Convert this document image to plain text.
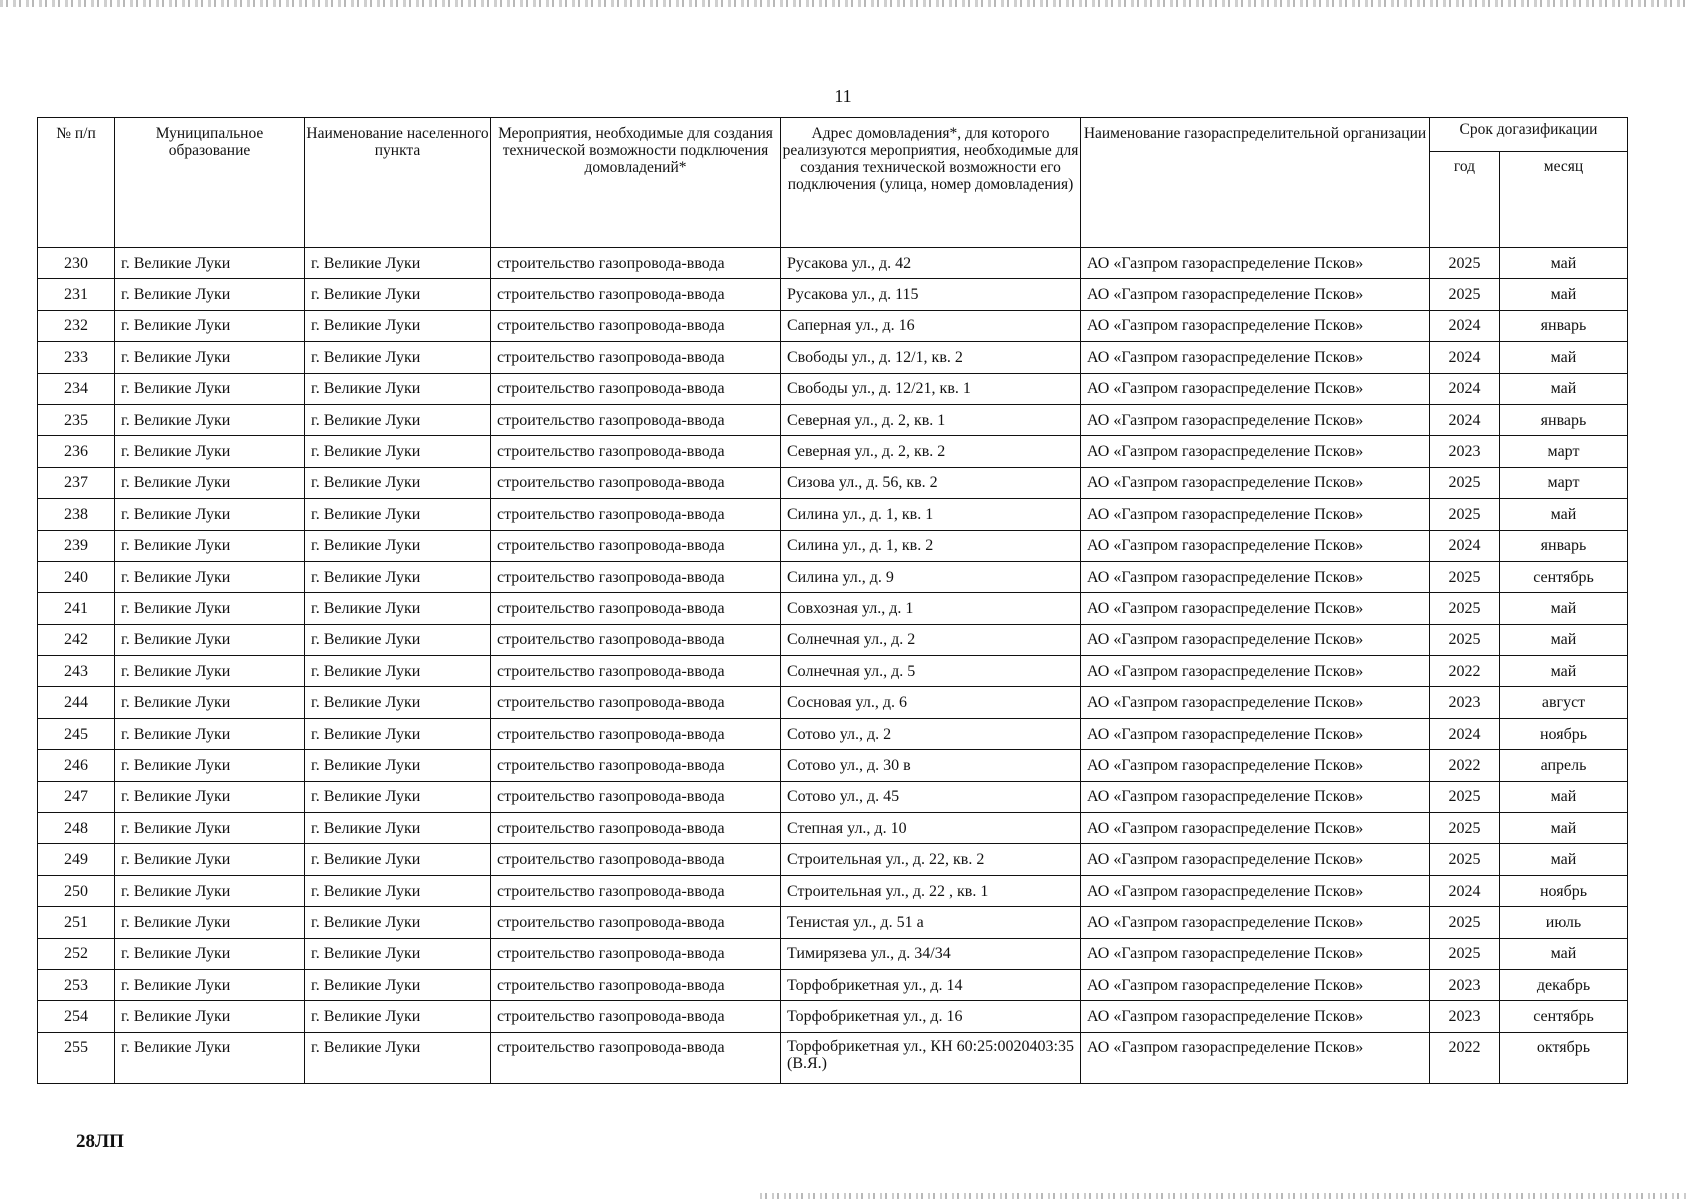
11
№ п/п	Муниципальное образование	Наименование населенного пункта	Мероприятия, необходимые для создания технической возможности подключения домовладений*	Адрес домовладения*, для которого реализуются мероприятия, необходимые для создания технической возможности его подключения (улица, номер домовладения)	Наименование газораспределительной организации	Срок догазификации	
						год	месяц
230	г. Великие Луки	г. Великие Луки	строительство газопровода-ввода	Русакова ул., д. 42	АО «Газпром газораспределение Псков»	2025	май
231	г. Великие Луки	г. Великие Луки	строительство газопровода-ввода	Русакова ул., д. 115	АО «Газпром газораспределение Псков»	2025	май
232	г. Великие Луки	г. Великие Луки	строительство газопровода-ввода	Саперная ул., д. 16	АО «Газпром газораспределение Псков»	2024	январь
233	г. Великие Луки	г. Великие Луки	строительство газопровода-ввода	Свободы ул., д. 12/1, кв. 2	АО «Газпром газораспределение Псков»	2024	май
234	г. Великие Луки	г. Великие Луки	строительство газопровода-ввода	Свободы ул., д. 12/21, кв. 1	АО «Газпром газораспределение Псков»	2024	май
235	г. Великие Луки	г. Великие Луки	строительство газопровода-ввода	Северная ул., д. 2, кв. 1	АО «Газпром газораспределение Псков»	2024	январь
236	г. Великие Луки	г. Великие Луки	строительство газопровода-ввода	Северная ул., д. 2, кв. 2	АО «Газпром газораспределение Псков»	2023	март
237	г. Великие Луки	г. Великие Луки	строительство газопровода-ввода	Сизова ул., д. 56, кв. 2	АО «Газпром газораспределение Псков»	2025	март
238	г. Великие Луки	г. Великие Луки	строительство газопровода-ввода	Силина ул., д. 1, кв. 1	АО «Газпром газораспределение Псков»	2025	май
239	г. Великие Луки	г. Великие Луки	строительство газопровода-ввода	Силина ул., д. 1, кв. 2	АО «Газпром газораспределение Псков»	2024	январь
240	г. Великие Луки	г. Великие Луки	строительство газопровода-ввода	Силина ул., д. 9	АО «Газпром газораспределение Псков»	2025	сентябрь
241	г. Великие Луки	г. Великие Луки	строительство газопровода-ввода	Совхозная ул., д. 1	АО «Газпром газораспределение Псков»	2025	май
242	г. Великие Луки	г. Великие Луки	строительство газопровода-ввода	Солнечная ул., д. 2	АО «Газпром газораспределение Псков»	2025	май
243	г. Великие Луки	г. Великие Луки	строительство газопровода-ввода	Солнечная ул., д. 5	АО «Газпром газораспределение Псков»	2022	май
244	г. Великие Луки	г. Великие Луки	строительство газопровода-ввода	Сосновая ул., д. 6	АО «Газпром газораспределение Псков»	2023	август
245	г. Великие Луки	г. Великие Луки	строительство газопровода-ввода	Сотово ул., д. 2	АО «Газпром газораспределение Псков»	2024	ноябрь
246	г. Великие Луки	г. Великие Луки	строительство газопровода-ввода	Сотово ул., д. 30 в	АО «Газпром газораспределение Псков»	2022	апрель
247	г. Великие Луки	г. Великие Луки	строительство газопровода-ввода	Сотово ул., д. 45	АО «Газпром газораспределение Псков»	2025	май
248	г. Великие Луки	г. Великие Луки	строительство газопровода-ввода	Степная ул., д. 10	АО «Газпром газораспределение Псков»	2025	май
249	г. Великие Луки	г. Великие Луки	строительство газопровода-ввода	Строительная ул., д. 22, кв. 2	АО «Газпром газораспределение Псков»	2025	май
250	г. Великие Луки	г. Великие Луки	строительство газопровода-ввода	Строительная ул., д. 22 , кв. 1	АО «Газпром газораспределение Псков»	2024	ноябрь
251	г. Великие Луки	г. Великие Луки	строительство газопровода-ввода	Тенистая ул., д. 51 а	АО «Газпром газораспределение Псков»	2025	июль
252	г. Великие Луки	г. Великие Луки	строительство газопровода-ввода	Тимирязева ул., д. 34/34	АО «Газпром газораспределение Псков»	2025	май
253	г. Великие Луки	г. Великие Луки	строительство газопровода-ввода	Торфобрикетная ул., д. 14	АО «Газпром газораспределение Псков»	2023	декабрь
254	г. Великие Луки	г. Великие Луки	строительство газопровода-ввода	Торфобрикетная ул., д. 16	АО «Газпром газораспределение Псков»	2023	сентябрь
255	г. Великие Луки	г. Великие Луки	строительство газопровода-ввода	Торфобрикетная ул., КН 60:25:0020403:35 (В.Я.)	АО «Газпром газораспределение Псков»	2022	октябрь
28ЛП
